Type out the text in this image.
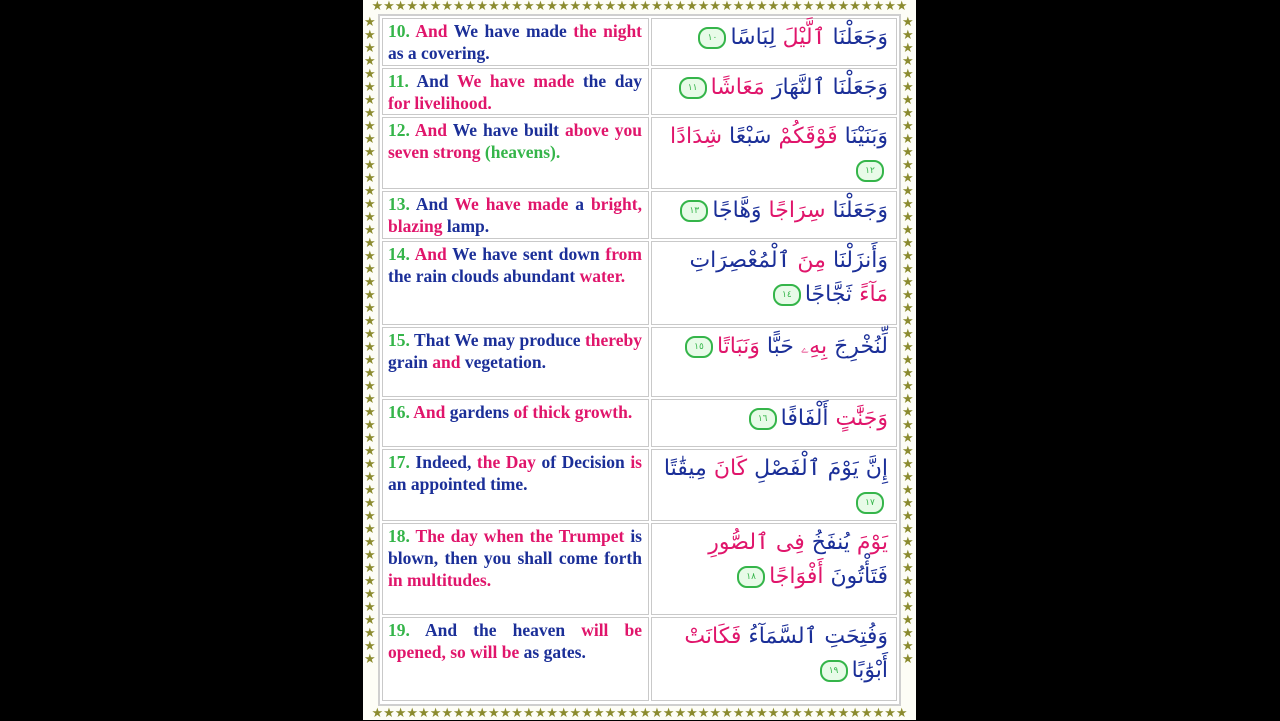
★★★★★★★★★★★★★★★★★★★★★★★★★★★★★★★★★★★★★★★★★★★★★★
★★★★★★★★★★★★★★★★★★★★★★★★★★★★★★★★★★★★★★★★★★★★★★★★★★
★★★★★★★★★★★★★★★★★★★★★★★★★★★★★★★★★★★★★★★★★★★★★★★★★★
10. And We have made the night as a covering.	وَجَعَلْنَا ٱلَّيْلَ لِبَاسًا١٠
11. And We have made the day for livelihood.	وَجَعَلْنَا ٱلنَّهَارَ مَعَاشًا١١
12. And We have built above you seven strong (heavens).	وَبَنَيْنَا فَوْقَكُمْ سَبْعًا شِدَادًا١٢
13. And We have made a bright, blazing lamp.	وَجَعَلْنَا سِرَاجًا وَهَّاجًا١٣
14. And We have sent down from the rain clouds abundant water.	وَأَنزَلْنَا مِنَ ٱلْمُعْصِرَاتِ مَآءً ثَجَّاجًا١٤
15. That We may produce thereby grain and vegetation.	لِّنُخْرِجَ بِهِۦ حَبًّا وَنَبَاتًا١٥
16. And gardens of thick growth.	وَجَنَّٰتٍ أَلْفَافًا١٦
17. Indeed, the Day of Decision is an appointed time.	إِنَّ يَوْمَ ٱلْفَصْلِ كَانَ مِيقَٰتًا١٧
18. The day when the Trumpet is blown, then you shall come forth in multitudes.	يَوْمَ يُنفَخُ فِى ٱلصُّورِ فَتَأْتُونَ أَفْوَاجًا١٨
19. And the heaven will be opened, so will be as gates.	وَفُتِحَتِ ٱلسَّمَآءُ فَكَانَتْ أَبْوَٰبًا١٩
★★★★★★★★★★★★★★★★★★★★★★★★★★★★★★★★★★★★★★★★★★★★★★
